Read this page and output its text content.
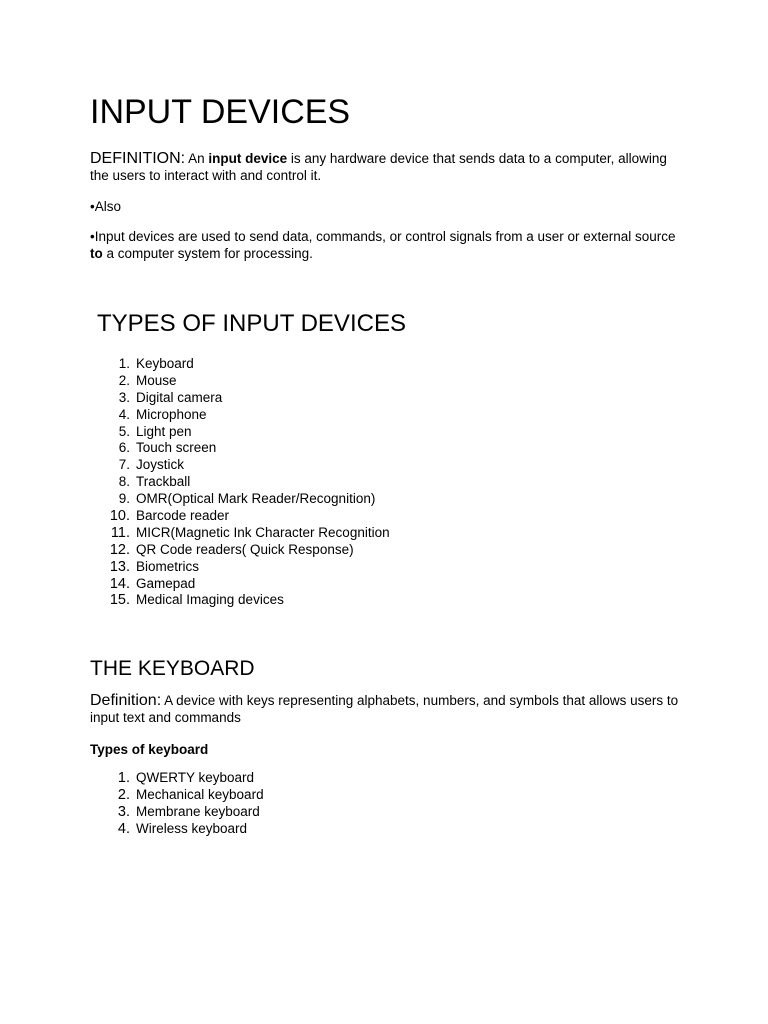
INPUT DEVICES
DEFINITION: An input device is any hardware device that sends data to a computer, allowing the users to interact with and control it.
•Also
•Input devices are used to send data, commands, or control signals from a user or external source to a computer system for processing.
TYPES OF INPUT DEVICES
1. Keyboard
2. Mouse
3. Digital camera
4. Microphone
5. Light pen
6. Touch screen
7. Joystick
8. Trackball
9. OMR(Optical Mark Reader/Recognition)
10. Barcode reader
11. MICR(Magnetic Ink Character Recognition
12. QR Code readers( Quick Response)
13. Biometrics
14. Gamepad
15. Medical Imaging devices
THE KEYBOARD
Definition: A device with keys representing alphabets, numbers, and symbols that allows users to input text and commands
Types of keyboard
1. QWERTY keyboard
2. Mechanical keyboard
3. Membrane keyboard
4. Wireless keyboard
